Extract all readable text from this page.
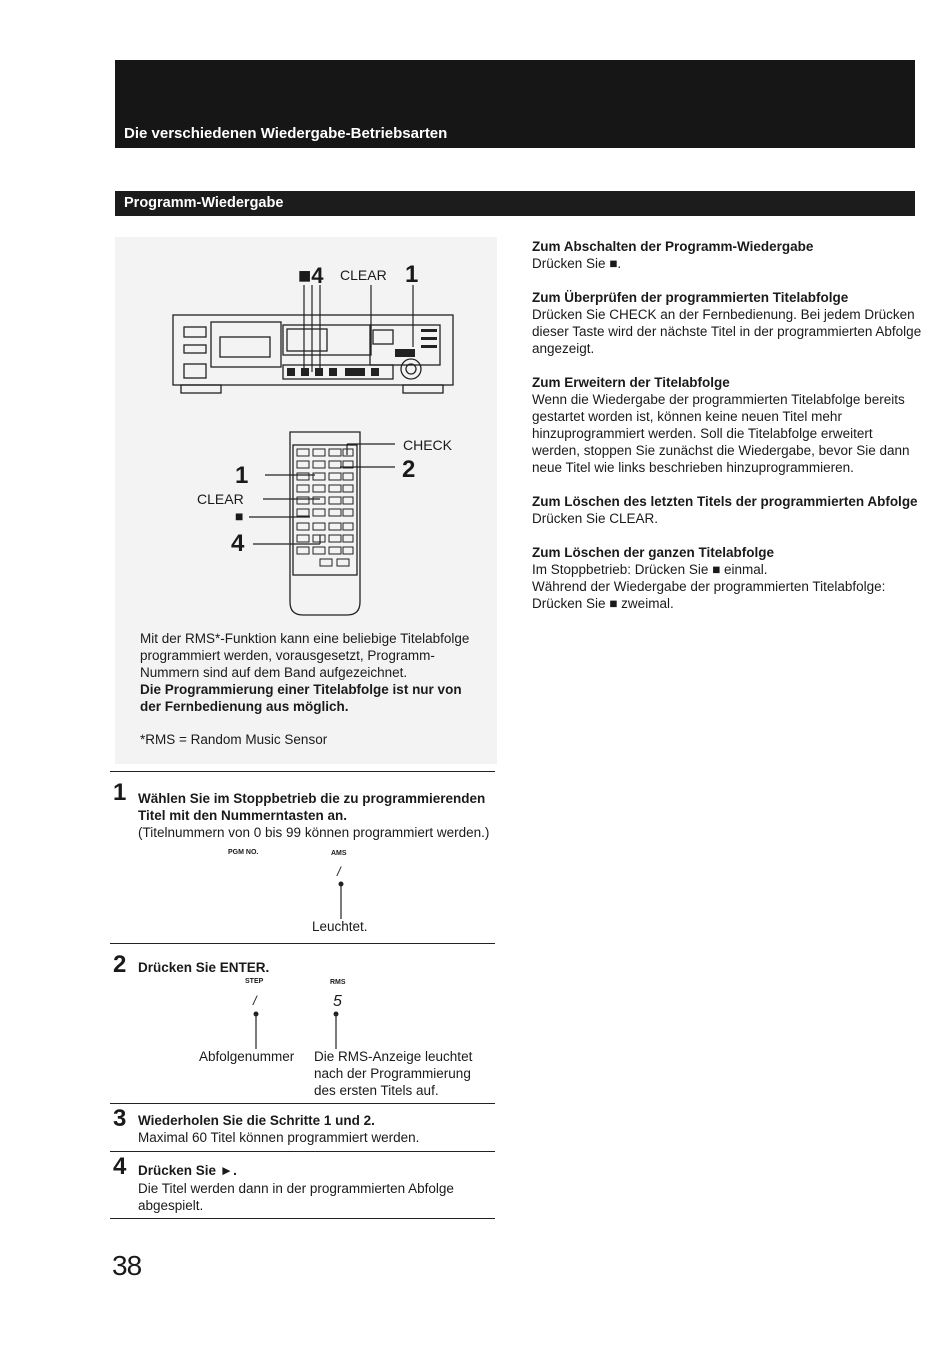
Die verschiedenen Wiedergabe-Betriebsarten
Programm-Wiedergabe
■4 CLEAR 1
CHECK
2
1
CLEAR
■
4
Mit der RMS*-Funktion kann eine beliebige Titelabfolge programmiert werden, vorausgesetzt, Programm-Nummern sind auf dem Band aufgezeichnet.
Die Programmierung einer Titelabfolge ist nur von der Fernbedienung aus möglich.
*RMS = Random Music Sensor
1 Wählen Sie im Stoppbetrieb die zu programmierenden Titel mit den Nummerntasten an.
(Titelnummern von 0 bis 99 können programmiert werden.)
PGM NO.	AMS
/
Leuchtet.
2 Drücken Sie ENTER.
STEP	RMS
/	5
Abfolgenummer	Die RMS-Anzeige leuchtet nach der Programmierung des ersten Titels auf.
3 Wiederholen Sie die Schritte 1 und 2.
Maximal 60 Titel können programmiert werden.
4 Drücken Sie ►.
Die Titel werden dann in der programmierten Abfolge abgespielt.
Zum Abschalten der Programm-Wiedergabe

Drücken Sie ■.

Zum Überprüfen der programmierten Titelabfolge

Drücken Sie CHECK an der Fernbedienung. Bei jedem Drücken dieser Taste wird der nächste Titel in der programmierten Abfolge angezeigt.

Zum Erweitern der Titelabfolge

Wenn die Wiedergabe der programmierten Titelabfolge bereits gestartet worden ist, können keine neuen Titel mehr hinzuprogrammiert werden. Soll die Titelabfolge erweitert werden, stoppen Sie zunächst die Wiedergabe, bevor Sie dann neue Titel wie links beschrieben hinzuprogrammieren.

Zum Löschen des letzten Titels der programmierten Abfolge

Drücken Sie CLEAR.

Zum Löschen der ganzen Titelabfolge

Im Stoppbetrieb: Drücken Sie ■ einmal.

Während der Wiedergabe der programmierten Titelabfolge: Drücken Sie ■ zweimal.

38
